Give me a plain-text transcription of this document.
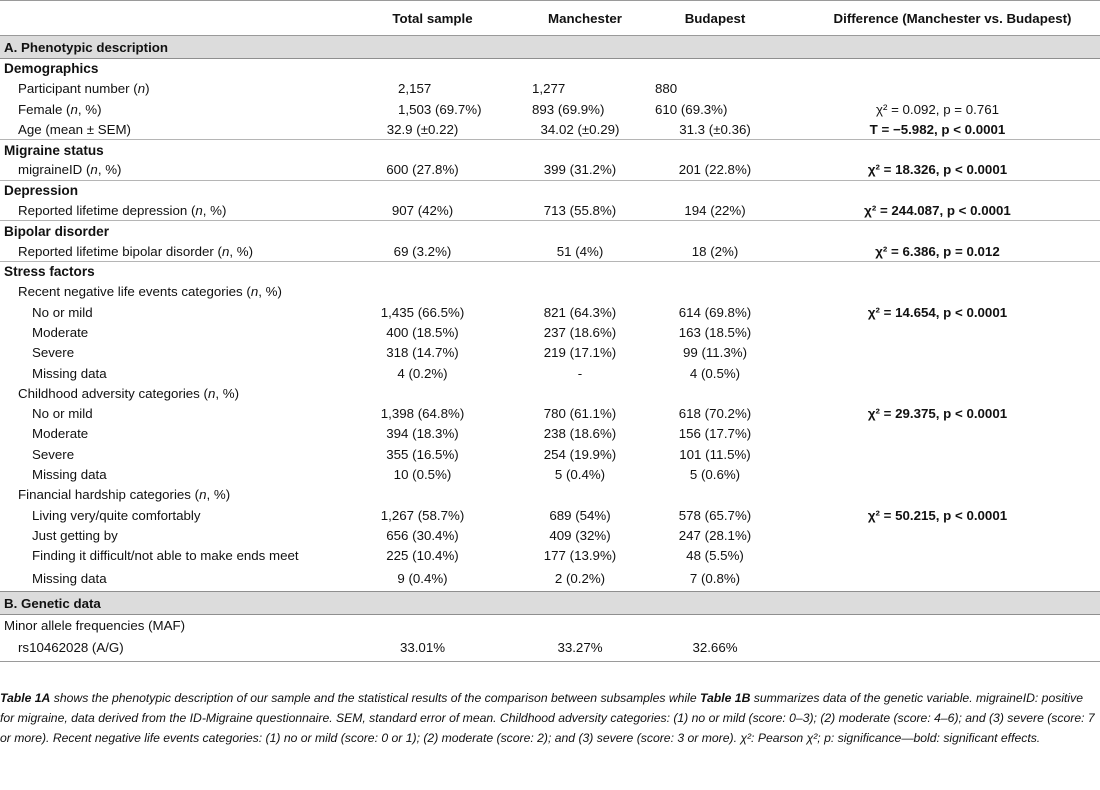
	Total sample	Manchester	Budapest	Difference (Manchester vs. Budapest)
A. Phenotypic description				
Demographics				
Participant number (n)	2,157	1,277	880	
Female (n, %)	1,503 (69.7%)	893 (69.9%)	610 (69.3%)	χ² = 0.092, p = 0.761
Age (mean ± SEM)	32.9 (±0.22)	34.02 (±0.29)	31.3 (±0.36)	T = −5.982, p < 0.0001
Migraine status				
migraineID (n, %)	600 (27.8%)	399 (31.2%)	201 (22.8%)	χ² = 18.326, p < 0.0001
Depression				
Reported lifetime depression (n, %)	907 (42%)	713 (55.8%)	194 (22%)	χ² = 244.087, p < 0.0001
Bipolar disorder				
Reported lifetime bipolar disorder (n, %)	69 (3.2%)	51 (4%)	18 (2%)	χ² = 6.386, p = 0.012
Stress factors				
Recent negative life events categories (n, %)				
No or mild	1,435 (66.5%)	821 (64.3%)	614 (69.8%)	χ² = 14.654, p < 0.0001
Moderate	400 (18.5%)	237 (18.6%)	163 (18.5%)	
Severe	318 (14.7%)	219 (17.1%)	99 (11.3%)	
Missing data	4 (0.2%)	-	4 (0.5%)	
Childhood adversity categories (n, %)				
No or mild	1,398 (64.8%)	780 (61.1%)	618 (70.2%)	χ² = 29.375, p < 0.0001
Moderate	394 (18.3%)	238 (18.6%)	156 (17.7%)	
Severe	355 (16.5%)	254 (19.9%)	101 (11.5%)	
Missing data	10 (0.5%)	5 (0.4%)	5 (0.6%)	
Financial hardship categories (n, %)				
Living very/quite comfortably	1,267 (58.7%)	689 (54%)	578 (65.7%)	χ² = 50.215, p < 0.0001
Just getting by	656 (30.4%)	409 (32%)	247 (28.1%)	
Finding it difficult/not able to make ends meet	225 (10.4%)	177 (13.9%)	48 (5.5%)	
Missing data	9 (0.4%)	2 (0.2%)	7 (0.8%)	
B. Genetic data				
Minor allele frequencies (MAF)				
rs10462028 (A/G)	33.01%	33.27%	32.66%	
Table 1A shows the phenotypic description of our sample and the statistical results of the comparison between subsamples while Table 1B summarizes data of the genetic variable. migraineID: positive for migraine, data derived from the ID-Migraine questionnaire. SEM, standard error of mean. Childhood adversity categories: (1) no or mild (score: 0–3); (2) moderate (score: 4–6); and (3) severe (score: 7 or more). Recent negative life events categories: (1) no or mild (score: 0 or 1); (2) moderate (score: 2); and (3) severe (score: 3 or more). χ²: Pearson χ²; p: significance—bold: significant effects.
